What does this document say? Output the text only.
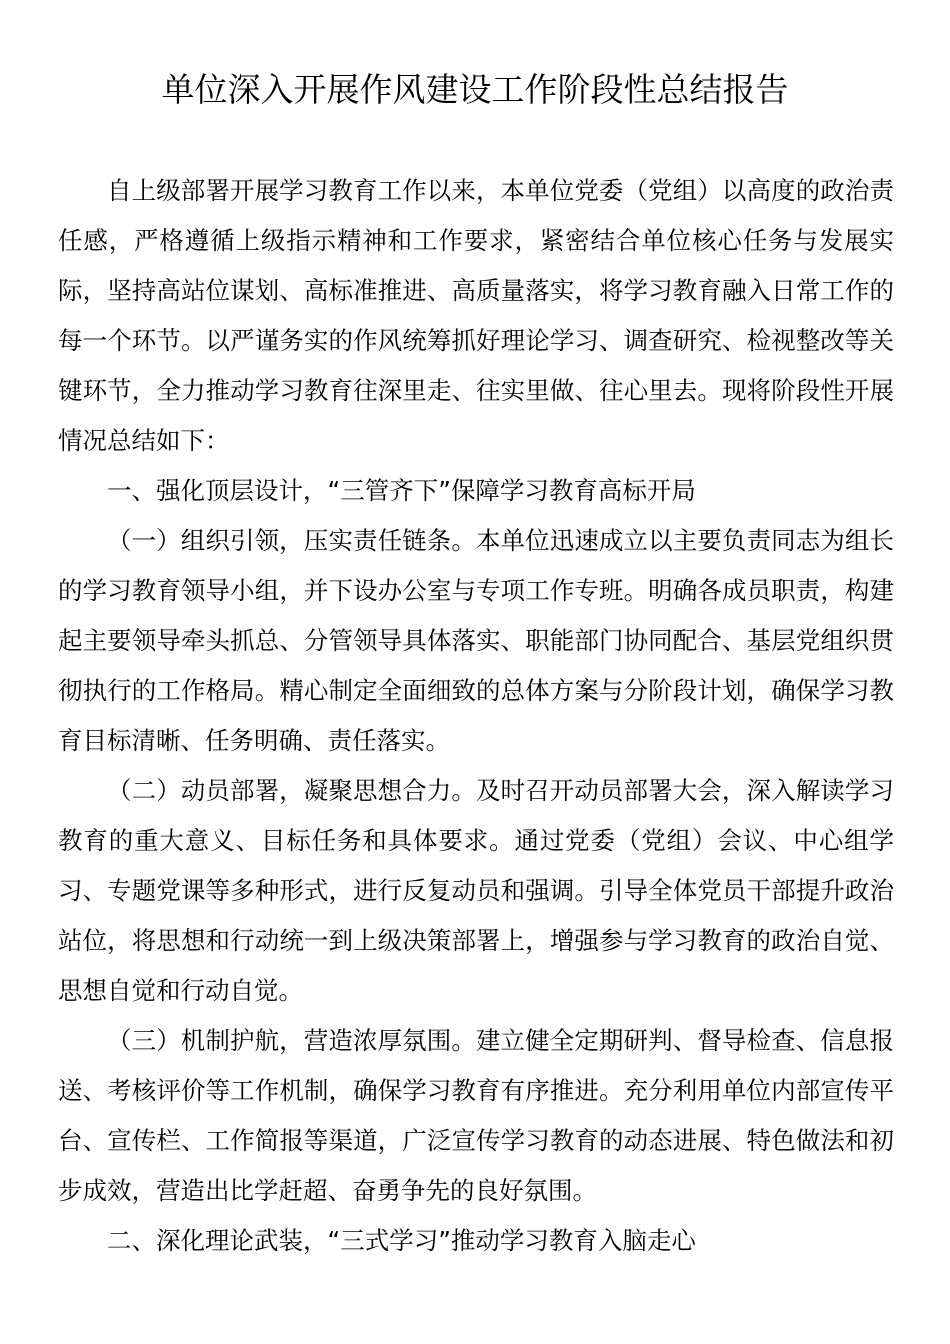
单位深入开展作风建设工作阶段性总结报告

自上级部署开展学习教育工作以来，本单位党委（党组）以高度的政治责任感，严格遵循上级指示精神和工作要求，紧密结合单位核心任务与发展实际，坚持高站位谋划、高标准推进、高质量落实，将学习教育融入日常工作的每一个环节。以严谨务实的作风统筹抓好理论学习、调查研究、检视整改等关键环节，全力推动学习教育往深里走、往实里做、往心里去。现将阶段性开展情况总结如下：

一、强化顶层设计，“三管齐下”保障学习教育高标开局

（一）组织引领，压实责任链条。本单位迅速成立以主要负责同志为组长的学习教育领导小组，并下设办公室与专项工作专班。明确各成员职责，构建起主要领导牵头抓总、分管领导具体落实、职能部门协同配合、基层党组织贯彻执行的工作格局。精心制定全面细致的总体方案与分阶段计划，确保学习教育目标清晰、任务明确、责任落实。

（二）动员部署，凝聚思想合力。及时召开动员部署大会，深入解读学习教育的重大意义、目标任务和具体要求。通过党委（党组）会议、中心组学习、专题党课等多种形式，进行反复动员和强调。引导全体党员干部提升政治站位，将思想和行动统一到上级决策部署上，增强参与学习教育的政治自觉、思想自觉和行动自觉。

（三）机制护航，营造浓厚氛围。建立健全定期研判、督导检查、信息报送、考核评价等工作机制，确保学习教育有序推进。充分利用单位内部宣传平台、宣传栏、工作简报等渠道，广泛宣传学习教育的动态进展、特色做法和初步成效，营造出比学赶超、奋勇争先的良好氛围。

二、深化理论武装，“三式学习”推动学习教育入脑走心
